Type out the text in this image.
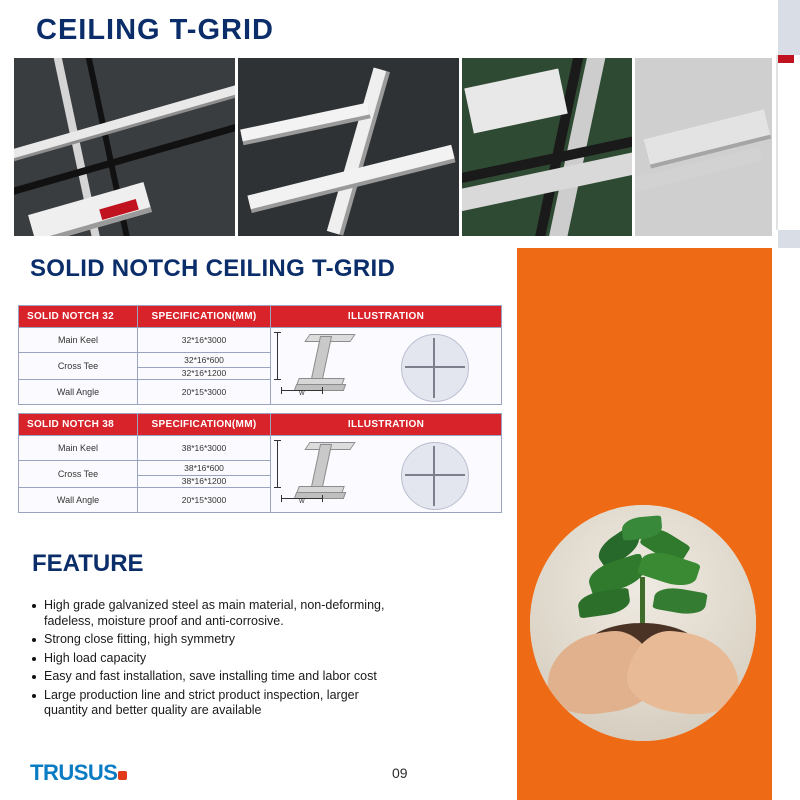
CEILING T-GRID
SOLID NOTCH CEILING T-GRID
SOLID NOTCH 32	SPECIFICATION(MM)	ILLUSTRATION
Main Keel	32*16*3000	W

Cross Tee	32*16*600	
	32*16*1200	
Wall Angle	20*15*3000	
SOLID NOTCH 38	SPECIFICATION(MM)	ILLUSTRATION
Main Keel	38*16*3000	W

Cross Tee	38*16*600	
	38*16*1200	
Wall Angle	20*15*3000	
FEATURE
High grade galvanized steel as main material, non-deforming, fadeless, moisture proof and anti-corrosive.
Strong close fitting, high symmetry
High load capacity
Easy and fast installation, save installing time and labor cost
Large production line and strict product inspection, larger quantity and better quality are available
TRUSUS	09
